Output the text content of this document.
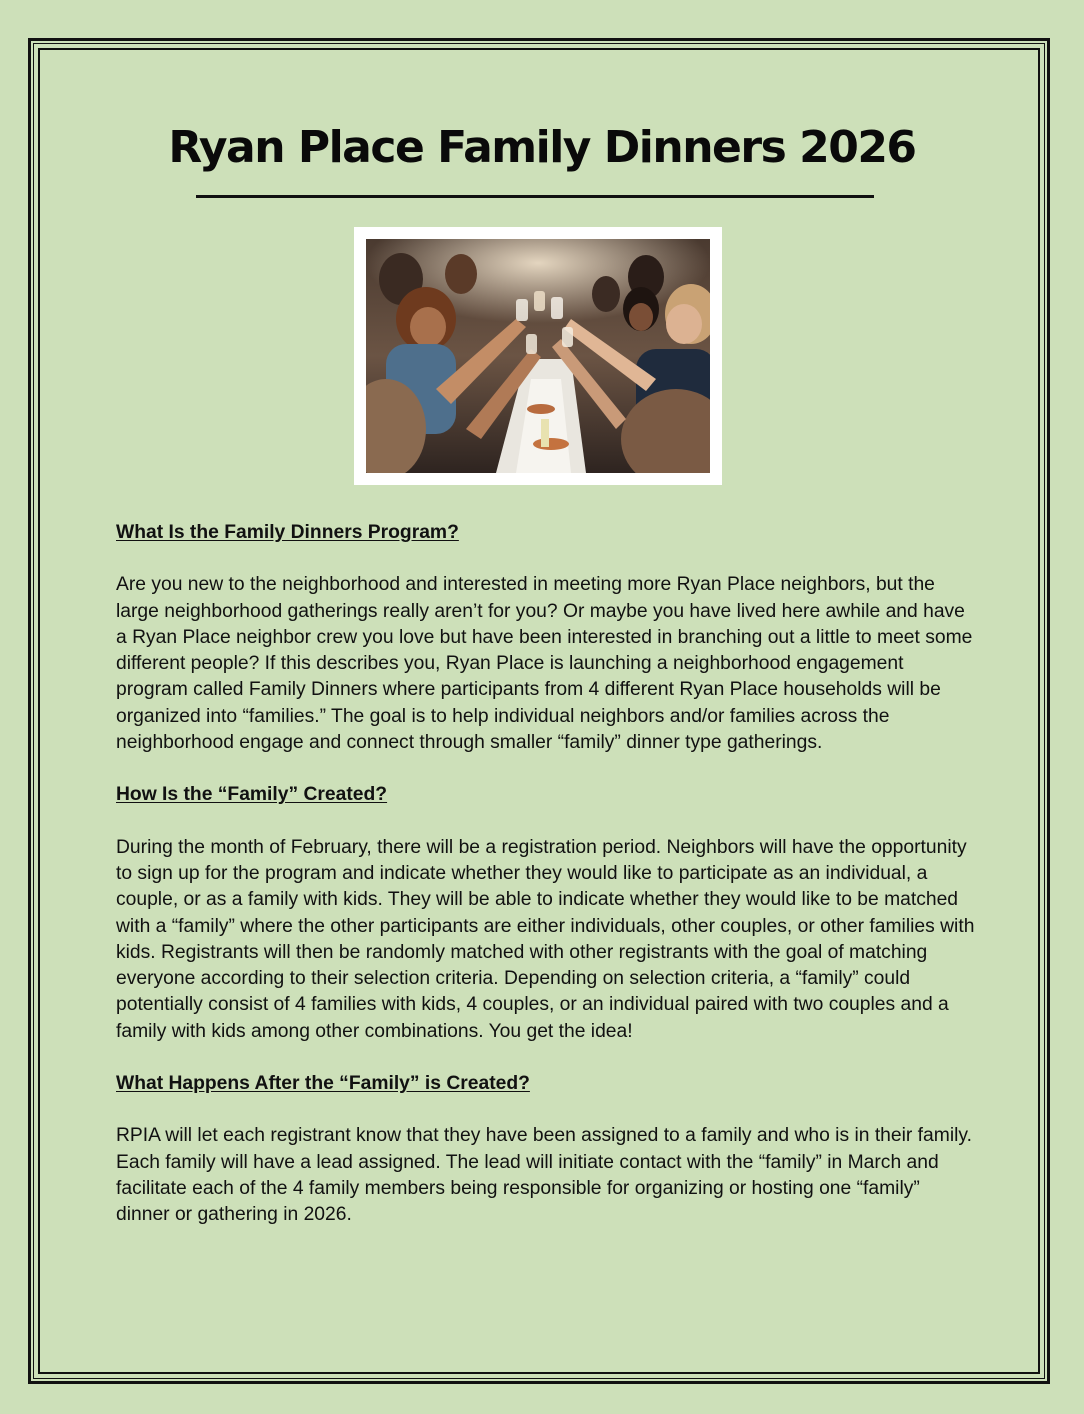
Ryan Place Family Dinners 2026

What Is the Family Dinners Program?

Are you new to the neighborhood and interested in meeting more Ryan Place neighbors, but the large neighborhood gatherings really aren’t for you? Or maybe you have lived here awhile and have a Ryan Place neighbor crew you love but have been interested in branching out a little to meet some different people? If this describes you, Ryan Place is launching a neighborhood engagement program called Family Dinners where participants from 4 different Ryan Place households will be organized into “families.” The goal is to help individual neighbors and/or families across the neighborhood engage and connect through smaller “family” dinner type gatherings.

How Is the “Family” Created?

During the month of February, there will be a registration period. Neighbors will have the opportunity to sign up for the program and indicate whether they would like to participate as an individual, a couple, or as a family with kids. They will be able to indicate whether they would like to be matched with a “family” where the other participants are either individuals, other couples, or other families with kids. Registrants will then be randomly matched with other registrants with the goal of matching everyone according to their selection criteria. Depending on selection criteria, a “family” could potentially consist of 4 families with kids, 4 couples, or an individual paired with two couples and a family with kids among other combinations. You get the idea!

What Happens After the “Family” is Created?

RPIA will let each registrant know that they have been assigned to a family and who is in their family. Each family will have a lead assigned. The lead will initiate contact with the “family” in March and facilitate each of the 4 family members being responsible for organizing or hosting one “family” dinner or gathering in 2026.
